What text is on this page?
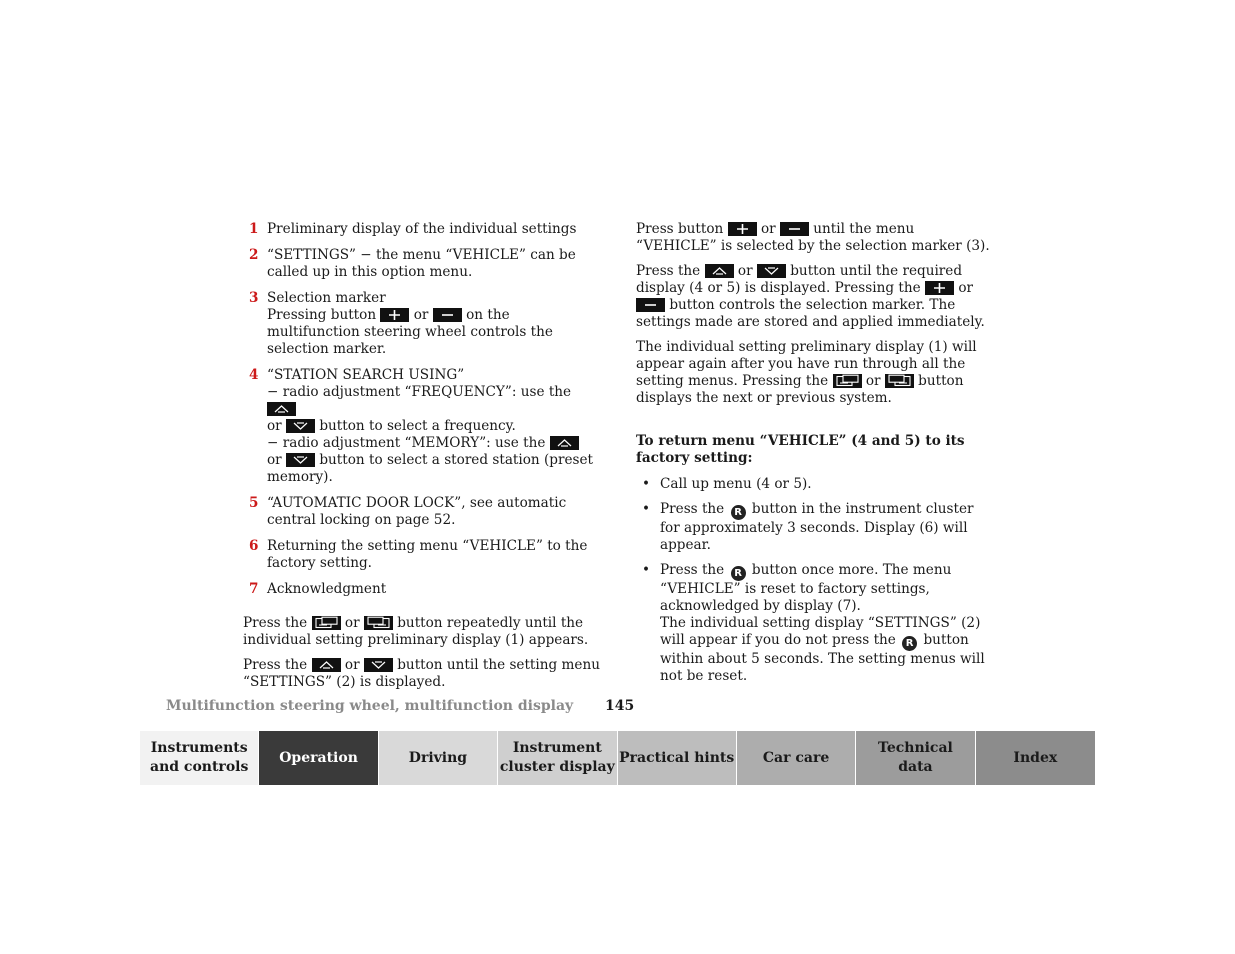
1 Preliminary display of the individual settings
2 “SETTINGS” − the menu “VEHICLE” can be called up in this option menu.
3 Selection marker
Pressing button	or	on the multifunction steering wheel controls the selection marker.
4 “STATION SEARCH USING”
− radio adjustment “FREQUENCY”: use the

or	button to select a frequency.
− radio adjustment “MEMORY”: use the

or	button to select a stored station (preset memory).
5 “AUTOMATIC DOOR LOCK”, see automatic central locking on page 52.
6 Returning the setting menu “VEHICLE” to the factory setting.
7 Acknowledgment

Press the	or	button repeatedly until the individual setting preliminary display (1) appears.

Press the	or	button until the setting menu “SETTINGS” (2) is displayed.

Press button	or	until the menu “VEHICLE” is selected by the selection marker (3).

Press the	or	button until the required display (4 or 5) is displayed. Pressing the	or
button controls the selection marker. The settings made are stored and applied immediately.

The individual setting preliminary display (1) will appear again after you have run through all the setting menus. Pressing the	or	button displays the next or previous system.

To return menu “VEHICLE” (4 and 5) to its factory setting:

• Call up menu (4 or 5).
• Press the R button in the instrument cluster for approximately 3 seconds. Display (6) will appear.
• Press the R button once more. The menu “VEHICLE” is reset to factory settings, acknowledged by display (7).
The individual setting display “SETTINGS” (2) will appear if you do not press the R button within about 5 seconds. The setting menus will not be reset.
Multifunction steering wheel, multifunction display 145
Instruments
and controls
Operation	Driving
Instrument
cluster display
Practical hints Car care
Technical
data
Index
